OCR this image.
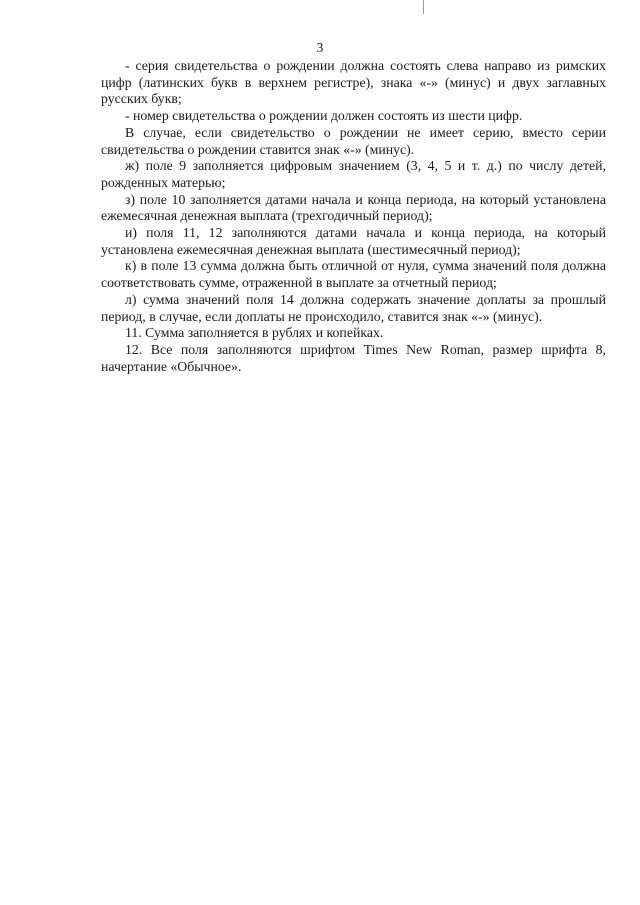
3

- серия свидетельства о рождении должна состоять слева направо из римских цифр (латинских букв в верхнем регистре), знака «-» (минус) и двух заглавных русских букв;

- номер свидетельства о рождении должен состоять из шести цифр.

В случае, если свидетельство о рождении не имеет серию, вместо серии свидетельства о рождении ставится знак «-» (минус).

ж) поле 9 заполняется цифровым значением (3, 4, 5 и т. д.) по числу детей, рожденных матерью;

з) поле 10 заполняется датами начала и конца периода, на который установлена ежемесячная денежная выплата (трехгодичный период);

и) поля 11, 12 заполняются датами начала и конца периода, на который установлена ежемесячная денежная выплата (шестимесячный период);

к) в поле 13 сумма должна быть отличной от нуля, сумма значений поля должна соответствовать сумме, отраженной в выплате за отчетный период;

л) сумма значений поля 14 должна содержать значение доплаты за прошлый период, в случае, если доплаты не происходило, ставится знак «-» (минус).

11. Сумма заполняется в рублях и копейках.

12. Все поля заполняются шрифтом Times New Roman, размер шрифта 8, начертание «Обычное».
